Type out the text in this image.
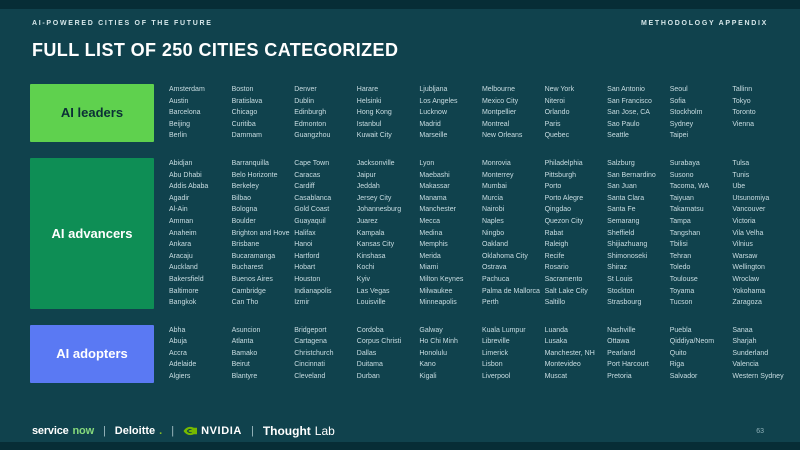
AI-POWERED CITIES OF THE FUTURE	METHODOLOGY APPENDIX
FULL LIST OF 250 CITIES CATEGORIZED
AI leaders
Amsterdam
Austin
Barcelona
Beijing
Berlin
Boston
Bratislava
Chicago
Curitiba
Dammam
Denver
Dublin
Edinburgh
Edmonton
Guangzhou
Harare
Helsinki
Hong Kong
Istanbul
Kuwait City
Ljubljana
Los Angeles
Lucknow
Madrid
Marseille
Melbourne
Mexico City
Montpellier
Montreal
New Orleans
New York
Niteroi
Orlando
Paris
Quebec
San Antonio
San Francisco
San Jose, CA
Sao Paulo
Seattle
Seoul
Sofia
Stockholm
Sydney
Taipei
Tallinn
Tokyo
Toronto
Vienna
AI advancers
Abidjan
Abu Dhabi
Addis Ababa
Agadir
Al-Ain
Amman
Anaheim
Ankara
Aracaju
Auckland
Bakersfield
Baltimore
Bangkok
Barranquilla
Belo Horizonte
Berkeley
Bilbao
Bologna
Boulder
Brighton and Hove
Brisbane
Bucaramanga
Bucharest
Buenos Aires
Cambridge
Can Tho
Cape Town
Caracas
Cardiff
Casablanca
Gold Coast
Guayaquil
Halifax
Hanoi
Hartford
Hobart
Houston
Indianapolis
Izmir
Jacksonville
Jaipur
Jeddah
Jersey City
Johannesburg
Juarez
Kampala
Kansas City
Kinshasa
Kochi
Kyiv
Las Vegas
Louisville
Lyon
Maebashi
Makassar
Manama
Manchester
Mecca
Medina
Memphis
Merida
Miami
Milton Keynes
Milwaukee
Minneapolis
Monrovia
Monterrey
Mumbai
Murcia
Nairobi
Naples
Ningbo
Oakland
Oklahoma City
Ostrava
Pachuca
Palma de Mallorca
Perth
Philadelphia
Pittsburgh
Porto
Porto Alegre
Qingdao
Quezon City
Rabat
Raleigh
Recife
Rosario
Sacramento
Salt Lake City
Saltillo
Salzburg
San Bernardino
San Juan
Santa Clara
Santa Fe
Semarang
Sheffield
Shijiazhuang
Shimonoseki
Shiraz
St Louis
Stockton
Strasbourg
Surabaya
Susono
Tacoma, WA
Taiyuan
Takamatsu
Tampa
Tangshan
Tbilisi
Tehran
Toledo
Toulouse
Toyama
Tucson
Tulsa
Tunis
Ube
Utsunomiya
Vancouver
Victoria
Vila Velha
Vilnius
Warsaw
Wellington
Wroclaw
Yokohama
Zaragoza
AI adopters
Abha
Abuja
Accra
Adelaide
Algiers
Asuncion
Atlanta
Bamako
Beirut
Blantyre
Bridgeport
Cartagena
Christchurch
Cincinnati
Cleveland
Cordoba
Corpus Christi
Dallas
Duitama
Durban
Galway
Ho Chi Minh
Honolulu
Kano
Kigali
Kuala Lumpur
Libreville
Limerick
Lisbon
Liverpool
Luanda
Lusaka
Manchester, NH
Montevideo
Muscat
Nashville
Ottawa
Pearland
Port Harcourt
Pretoria
Puebla
Qiddiya/Neom
Quito
Riga
Salvador
Sanaa
Sharjah
Sunderland
Valencia
Western Sydney
service now | Deloitte . | NVIDIA | Thought Lab	63
